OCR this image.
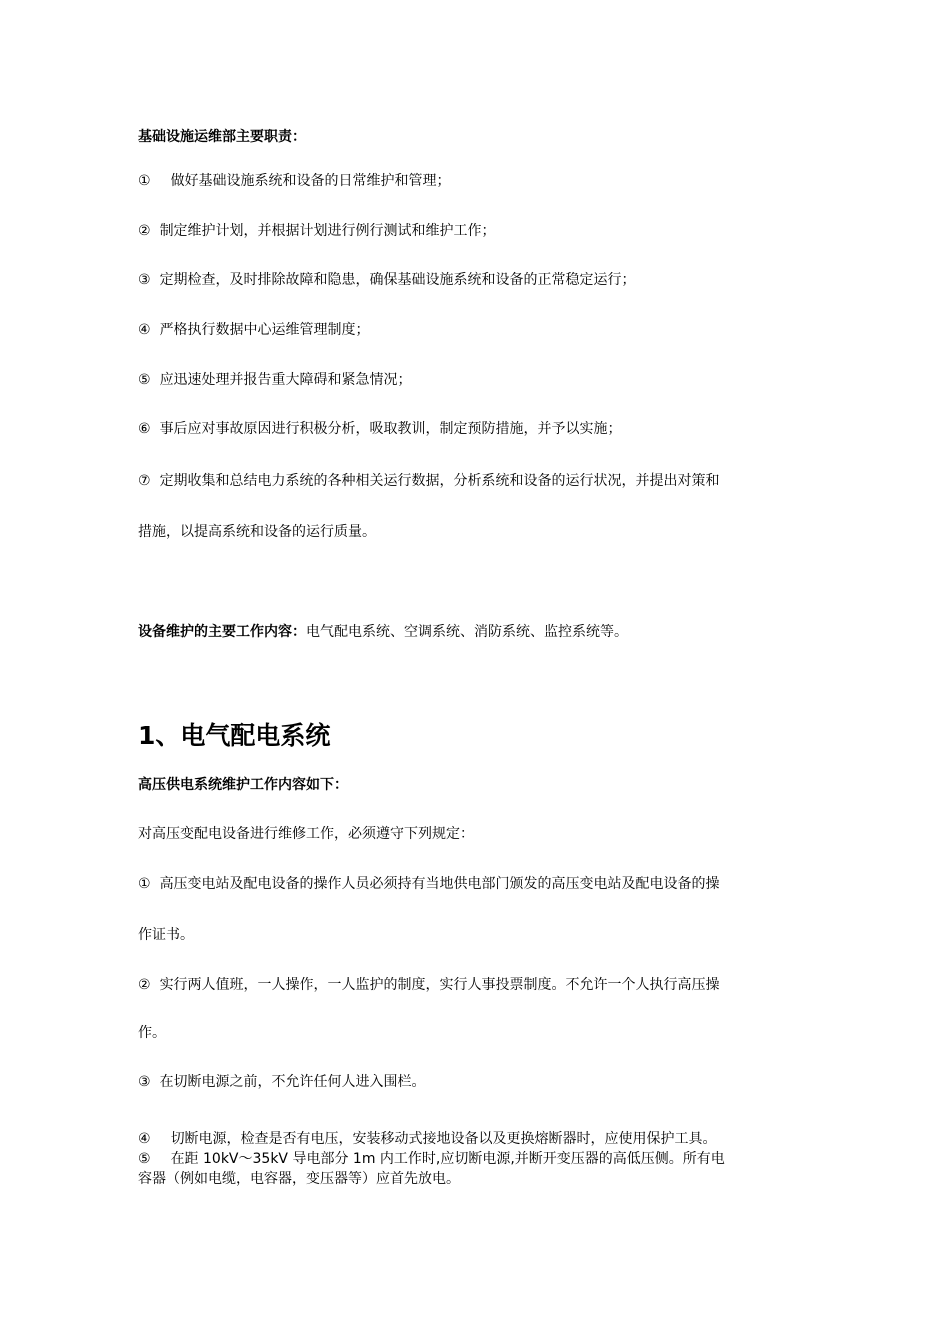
基础设施运维部主要职责：
① 做好基础设施系统和设备的日常维护和管理；
② 制定维护计划，并根据计划进行例行测试和维护工作；
③ 定期检查，及时排除故障和隐患，确保基础设施系统和设备的正常稳定运行；
④ 严格执行数据中心运维管理制度；
⑤ 应迅速处理并报告重大障碍和紧急情况；
⑥ 事后应对事故原因进行积极分析，吸取教训，制定预防措施，并予以实施；
⑦ 定期收集和总结电力系统的各种相关运行数据，分析系统和设备的运行状况，并提出对策和
措施，以提高系统和设备的运行质量。
设备维护的主要工作内容：电气配电系统、空调系统、消防系统、监控系统等。
1、电气配电系统
高压供电系统维护工作内容如下：
对高压变配电设备进行维修工作，必须遵守下列规定：
① 高压变电站及配电设备的操作人员必须持有当地供电部门颁发的高压变电站及配电设备的操
作证书。
② 实行两人值班，一人操作，一人监护的制度，实行人事投票制度。不允许一个人执行高压操
作。
③ 在切断电源之前，不允许任何人进入围栏。
④ 切断电源，检查是否有电压，安装移动式接地设备以及更换熔断器时，应使用保护工具。
⑤ 在距 10kV～35kV 导电部分 1m 内工作时,应切断电源,并断开变压器的高低压侧。所有电
容器（例如电缆，电容器，变压器等）应首先放电。
